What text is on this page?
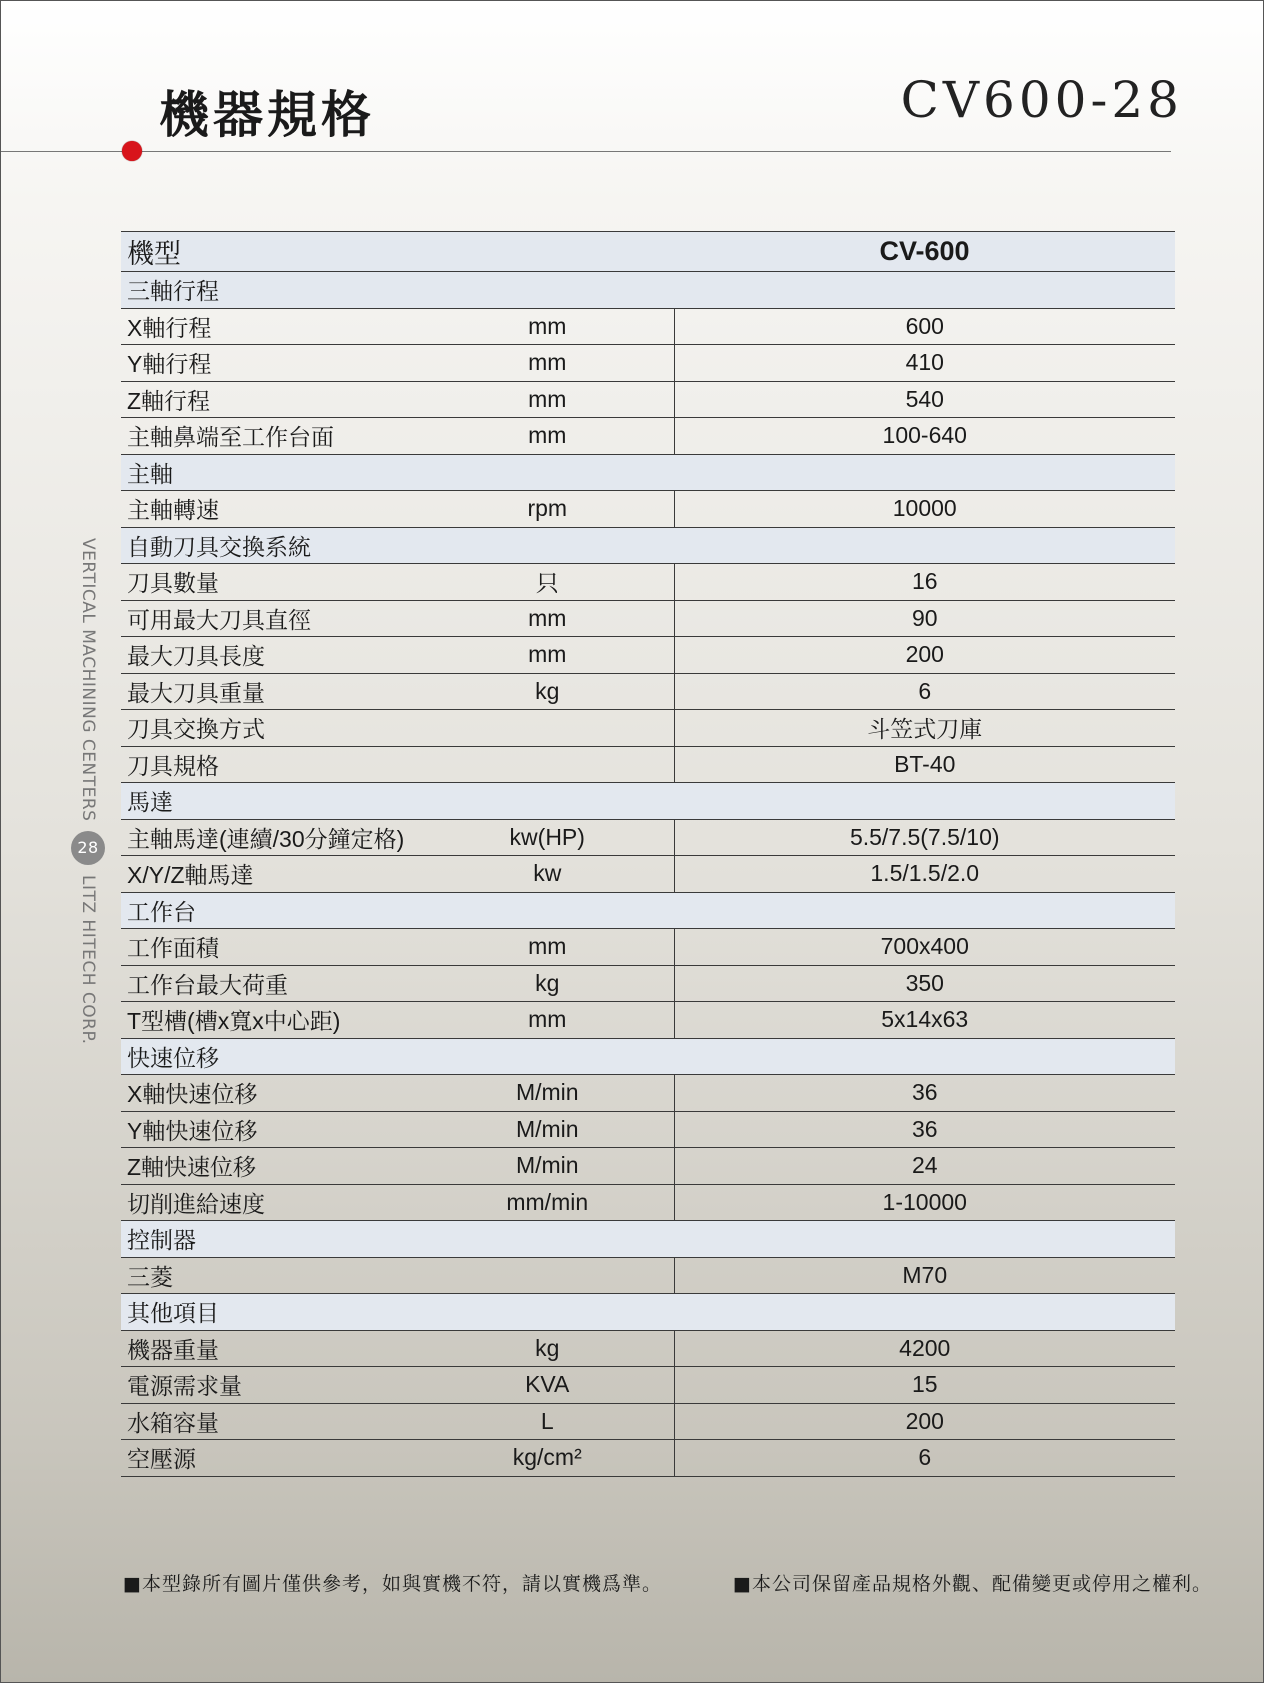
機器規格	CV600-28
VERTICAL MACHINING CENTERS
28
LITZ HITECH CORP.
機型		CV-600
三軸行程		
X軸行程	mm	600
Y軸行程	mm	410
Z軸行程	mm	540
主軸鼻端至工作台面	mm	100-640
主軸		
主軸轉速	rpm	10000
自動刀具交換系統		
刀具數量	只	16
可用最大刀具直徑	mm	90
最大刀具長度	mm	200
最大刀具重量	kg	6
刀具交換方式		斗笠式刀庫
刀具規格		BT-40
馬達		
主軸馬達(連續/30分鐘定格)	kw(HP)	5.5/7.5(7.5/10)
X/Y/Z軸馬達	kw	1.5/1.5/2.0
工作台		
工作面積	mm	700x400
工作台最大荷重	kg	350
T型槽(槽x寬x中心距)	mm	5x14x63
快速位移		
X軸快速位移	M/min	36
Y軸快速位移	M/min	36
Z軸快速位移	M/min	24
切削進給速度	mm/min	1-10000
控制器		
三菱		M70
其他項目		
機器重量	kg	4200
電源需求量	KVA	15
水箱容量	L	200
空壓源	kg/cm²	6
■本型錄所有圖片僅供參考，如與實機不符，請以實機爲準。	■本公司保留產品規格外觀、配備變更或停用之權利。
